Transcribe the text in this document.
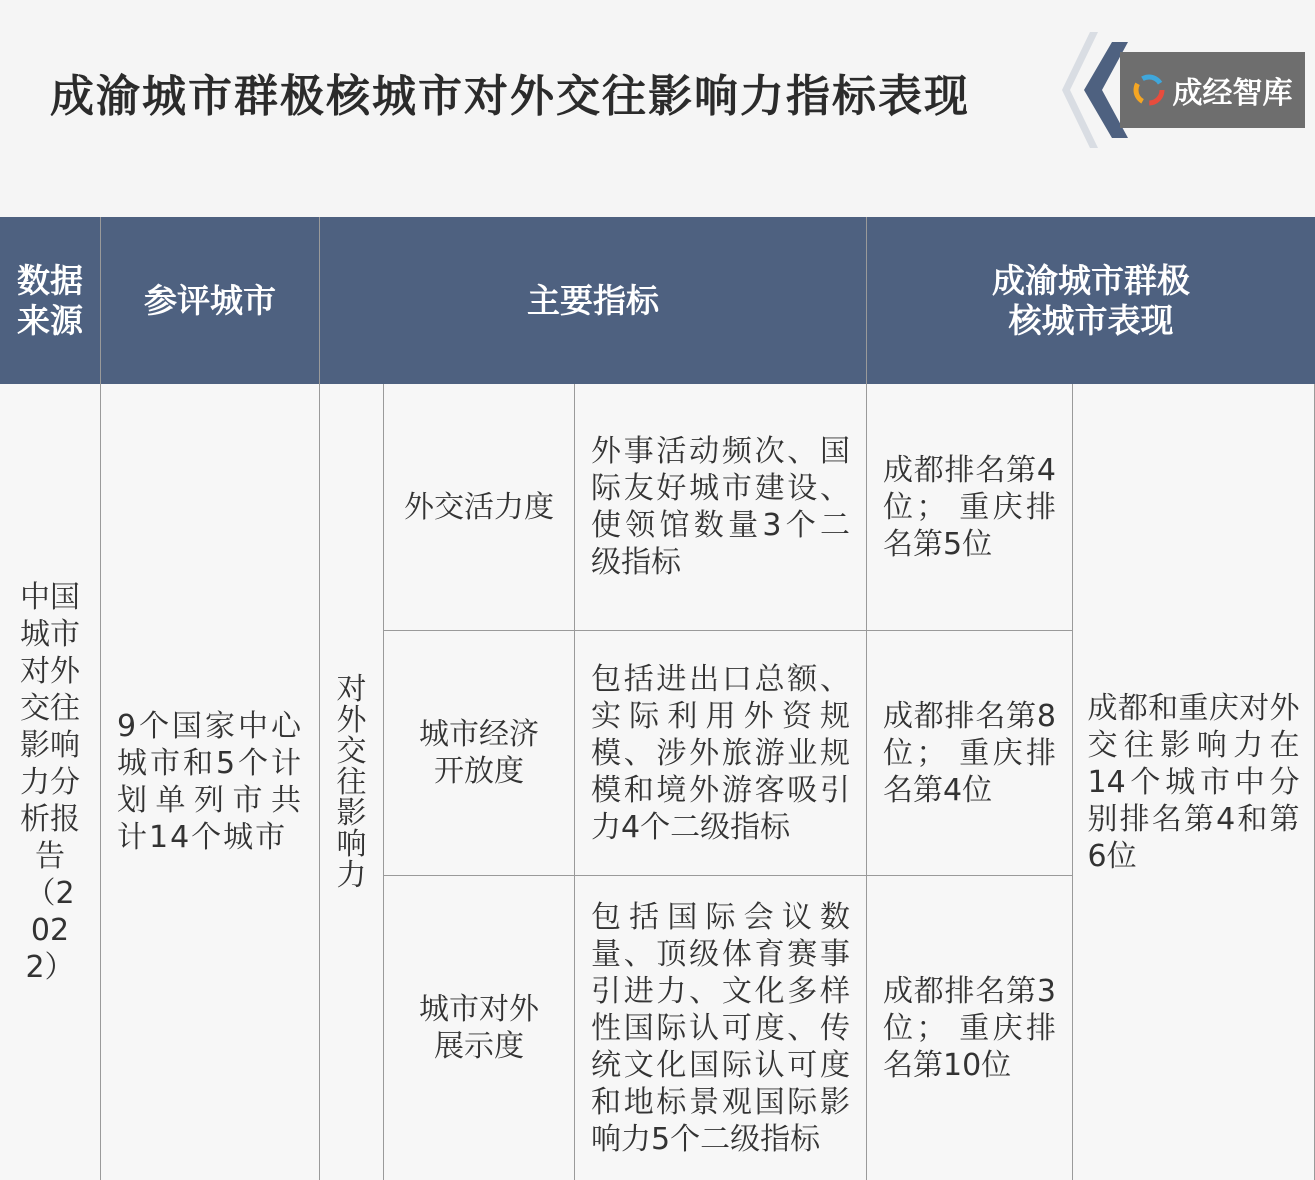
成渝城市群极核城市对外交往影响力指标表现	成经智库
数据来源
参评城市	主要指标
成渝城市群极核城市表现
中国城市对外交往影响力分析报告（2022）
9个国家中心城市和5个计划单列市共计14个城市
对外交往影响力
外交活力度
外事活动频次、国际友好城市建设、使领馆数量3个二级指标
成都排名第4位； 重庆排名第5位
城市经济开放度
包括进出口总额、实际利用外资规模、涉外旅游业规模和境外游客吸引力4个二级指标
成都排名第8位； 重庆排名第4位
城市对外展示度
包括国际会议数量、顶级体育赛事引进力、文化多样性国际认可度、传统文化国际认可度和地标景观国际影响力5个二级指标
成都排名第3位； 重庆排名第10位
成都和重庆对外交往影响力在14个城市中分别排名第4和第6位
